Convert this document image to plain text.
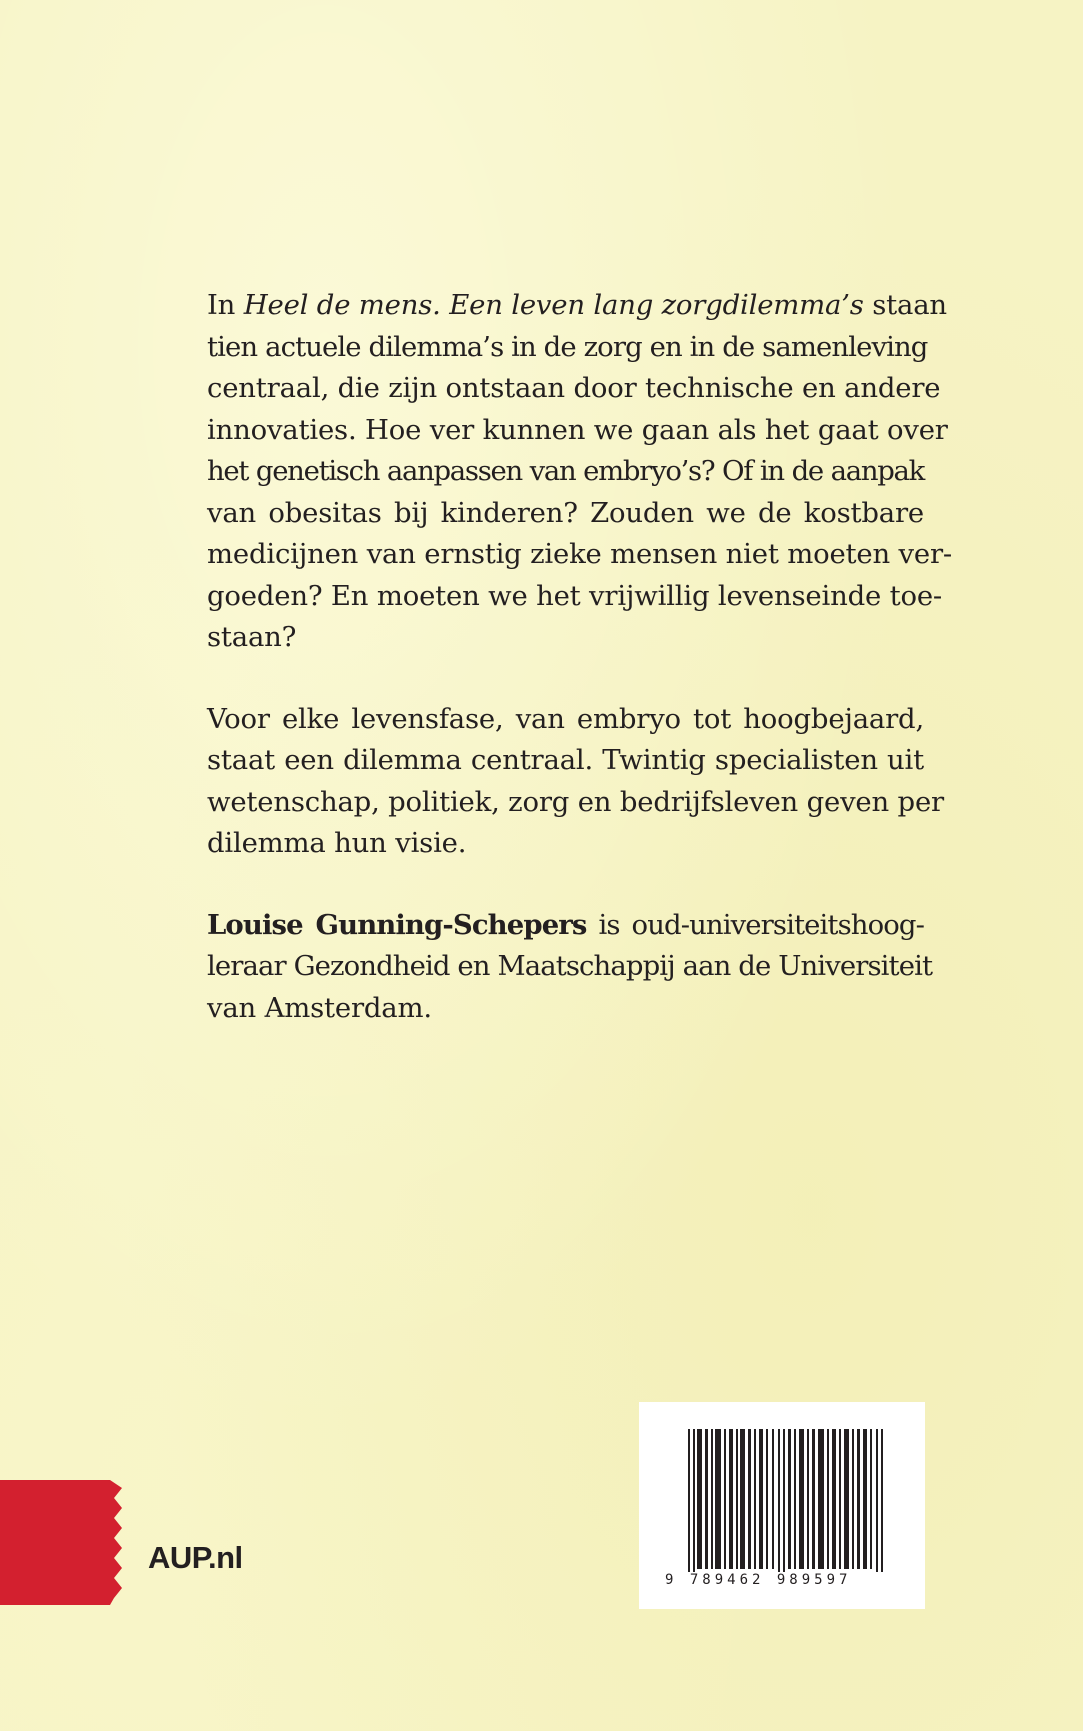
In Heel de mens. Een leven lang zorgdilemma’s staan
tien actuele dilemma’s in de zorg en in de samenleving
centraal, die zijn ontstaan door technische en andere
innovaties. Hoe ver kunnen we gaan als het gaat over
het genetisch aanpassen van embryo’s? Of in de aanpak
van obesitas bij kinderen? Zouden we de kostbare
medicijnen van ernstig zieke mensen niet moeten ver-
goeden? En moeten we het vrijwillig levenseinde toe-
staan?
Voor elke levensfase, van embryo tot hoogbejaard,
staat een dilemma centraal. Twintig specialisten uit
wetenschap, politiek, zorg en bedrijfsleven geven per
dilemma hun visie.
Louise Gunning-Schepers is oud-universiteitshoog-
leraar Gezondheid en Maatschappij aan de Universiteit
van Amsterdam.
AUP.nl
9 789462 989597
